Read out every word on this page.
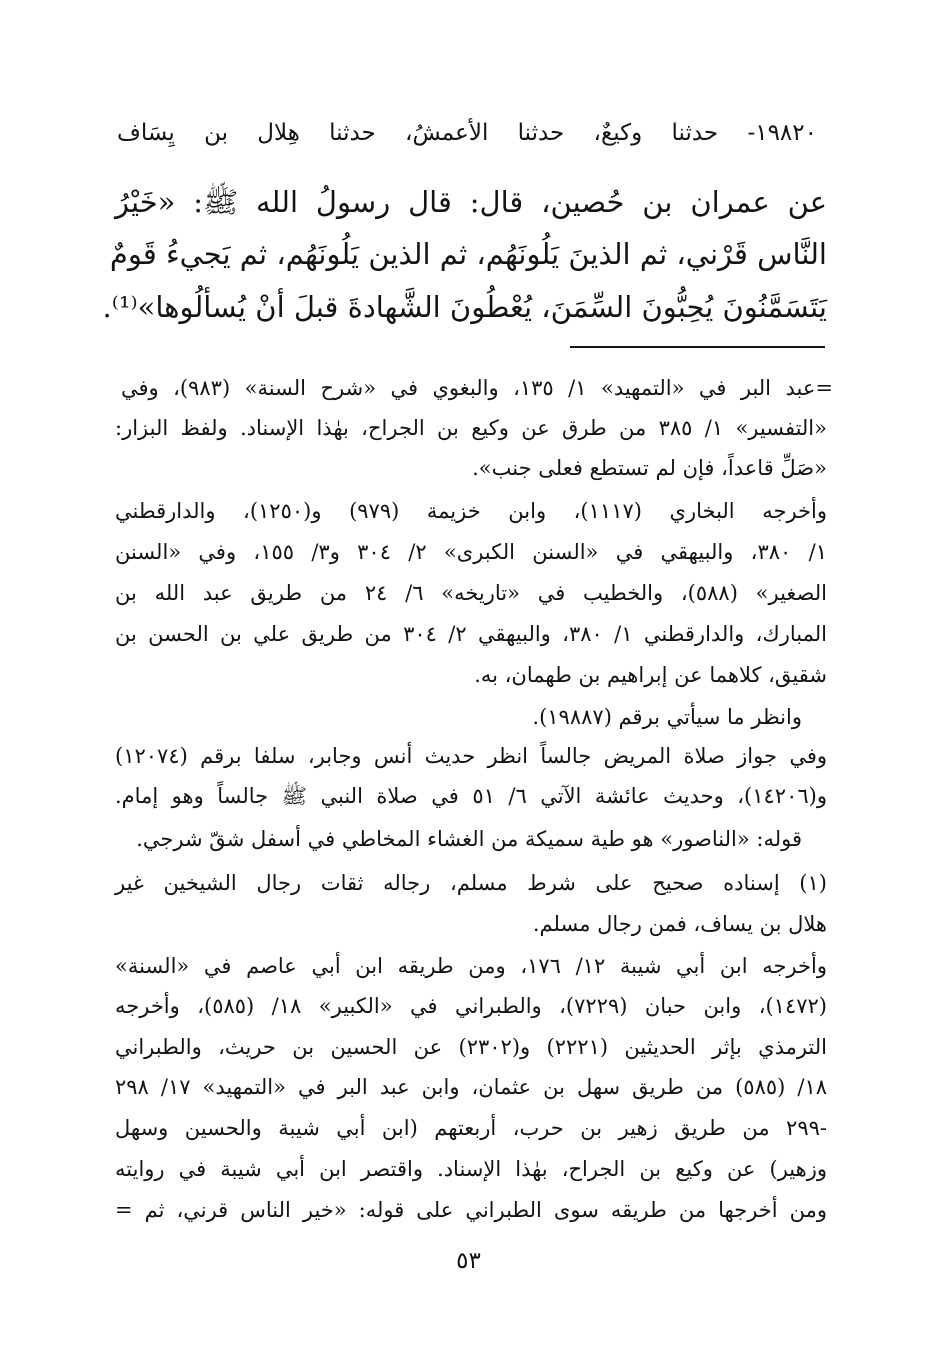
١٩٨٢٠- حدثنا وكيعٌ، حدثنا الأعمشُ، حدثنا هِلال بن يِسَاف
عن عمران بن حُصين، قال: قال رسولُ الله ﷺ: «خَيْرُ
النَّاس قَرْني، ثم الذينَ يَلُونَهُم، ثم الذين يَلُونَهُم، ثم يَجيءُ قَومٌ
يَتَسَمَّنُونَ يُحِبُّونَ السِّمَنَ، يُعْطُونَ الشَّهادةَ قبلَ أنْ يُسألُوها»⁽¹⁾.
=عبد البر في «التمهيد» ١/ ١٣٥، والبغوي في «شرح السنة» (٩٨٣)، وفي
«التفسير» ١/ ٣٨٥ من طرق عن وكيع بن الجراح، بهٰذا الإسناد. ولفظ البزار:
«صَلِّ قاعداً، فإن لم تستطع فعلى جنب».
وأخرجه البخاري (١١١٧)، وابن خزيمة (٩٧٩) و(١٢٥٠)، والدارقطني
١/ ٣٨٠، والبيهقي في «السنن الكبرى» ٢/ ٣٠٤ و٣/ ١٥٥، وفي «السنن
الصغير» (٥٨٨)، والخطيب في «تاريخه» ٦/ ٢٤ من طريق عبد الله بن
المبارك، والدارقطني ١/ ٣٨٠، والبيهقي ٢/ ٣٠٤ من طريق علي بن الحسن بن
شقيق، كلاهما عن إبراهيم بن طهمان، به.
وانظر ما سيأتي برقم (١٩٨٨٧).
وفي جواز صلاة المريض جالساً انظر حديث أنس وجابر، سلفا برقم (١٢٠٧٤)
و(١٤٢٠٦)، وحديث عائشة الآتي ٦/ ٥١ في صلاة النبي ﷺ جالساً وهو إمام.
قوله: «الناصور» هو طية سميكة من الغشاء المخاطي في أسفل شقّ شرجي.
(١) إسناده صحيح على شرط مسلم، رجاله ثقات رجال الشيخين غير
هلال بن يساف، فمن رجال مسلم.
وأخرجه ابن أبي شيبة ١٢/ ١٧٦، ومن طريقه ابن أبي عاصم في «السنة»
(١٤٧٢)، وابن حبان (٧٢٢٩)، والطبراني في «الكبير» ١٨/ (٥٨٥)، وأخرجه
الترمذي بإثر الحديثين (٢٢٢١) و(٢٣٠٢) عن الحسين بن حريث، والطبراني
١٨/ (٥٨٥) من طريق سهل بن عثمان، وابن عبد البر في «التمهيد» ١٧/ ٢٩٨
-٢٩٩ من طريق زهير بن حرب، أربعتهم (ابن أبي شيبة والحسين وسهل
وزهير) عن وكيع بن الجراح، بهٰذا الإسناد. واقتصر ابن أبي شيبة في روايته
ومن أخرجها من طريقه سوى الطبراني على قوله: «خير الناس قرني، ثم =
٥٣
